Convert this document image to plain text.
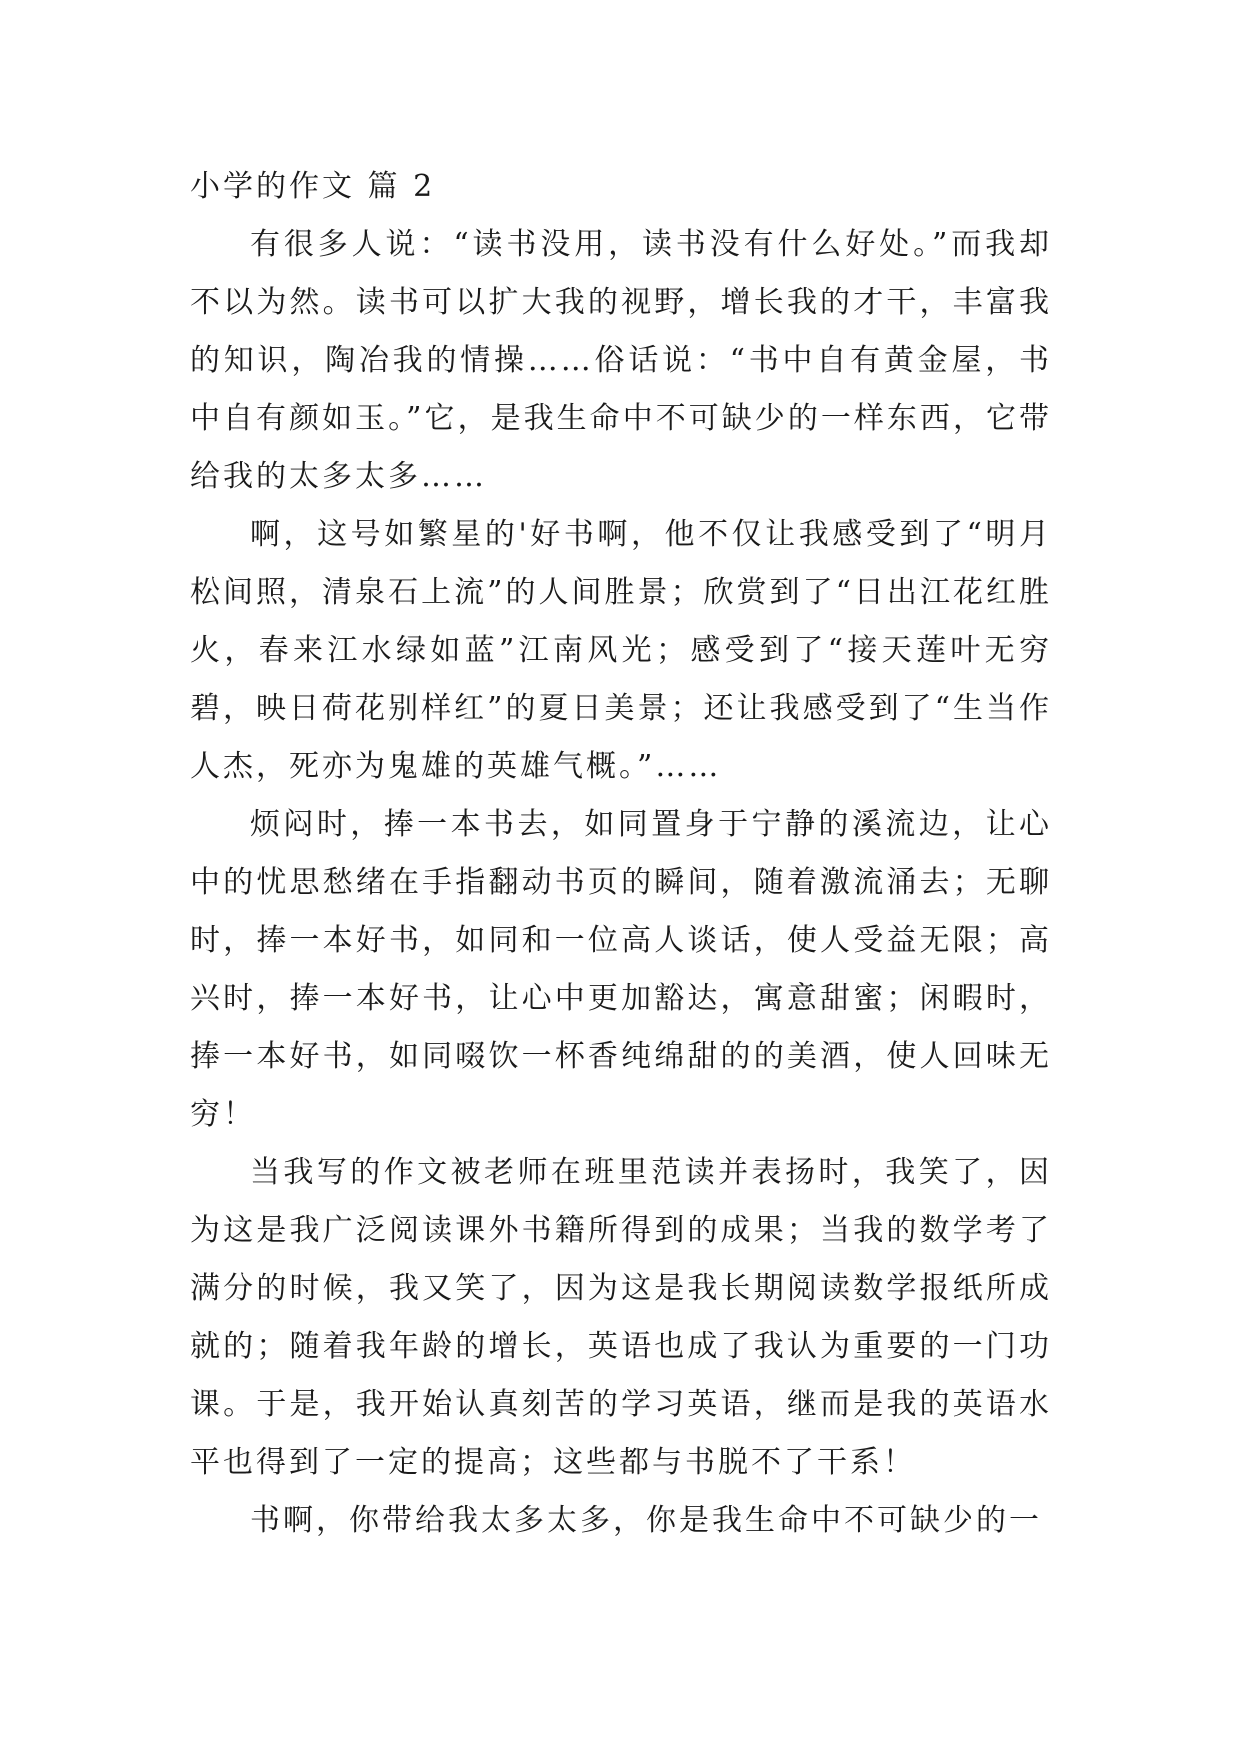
小学的作文 篇 2

有很多人说：“读书没用，读书没有什么好处。”而我却不以为然。读书可以扩大我的视野，增长我的才干，丰富我的知识，陶冶我的情操……俗话说：“书中自有黄金屋，书中自有颜如玉。”它，是我生命中不可缺少的一样东西，它带给我的太多太多……

啊，这号如繁星的'好书啊，他不仅让我感受到了“明月松间照，清泉石上流”的人间胜景；欣赏到了“日出江花红胜火，春来江水绿如蓝”江南风光；感受到了“接天莲叶无穷碧，映日荷花别样红”的夏日美景；还让我感受到了“生当作人杰，死亦为鬼雄的英雄气概。”……

烦闷时，捧一本书去，如同置身于宁静的溪流边，让心中的忧思愁绪在手指翻动书页的瞬间，随着激流涌去；无聊时，捧一本好书，如同和一位高人谈话，使人受益无限；高兴时，捧一本好书，让心中更加豁达，寓意甜蜜；闲暇时，捧一本好书，如同啜饮一杯香纯绵甜的的美酒，使人回味无穷！

当我写的作文被老师在班里范读并表扬时，我笑了，因为这是我广泛阅读课外书籍所得到的成果；当我的数学考了满分的时候，我又笑了，因为这是我长期阅读数学报纸所成就的；随着我年龄的增长，英语也成了我认为重要的一门功课。于是，我开始认真刻苦的学习英语，继而是我的英语水平也得到了一定的提高；这些都与书脱不了干系！

书啊，你带给我太多太多，你是我生命中不可缺少的一
